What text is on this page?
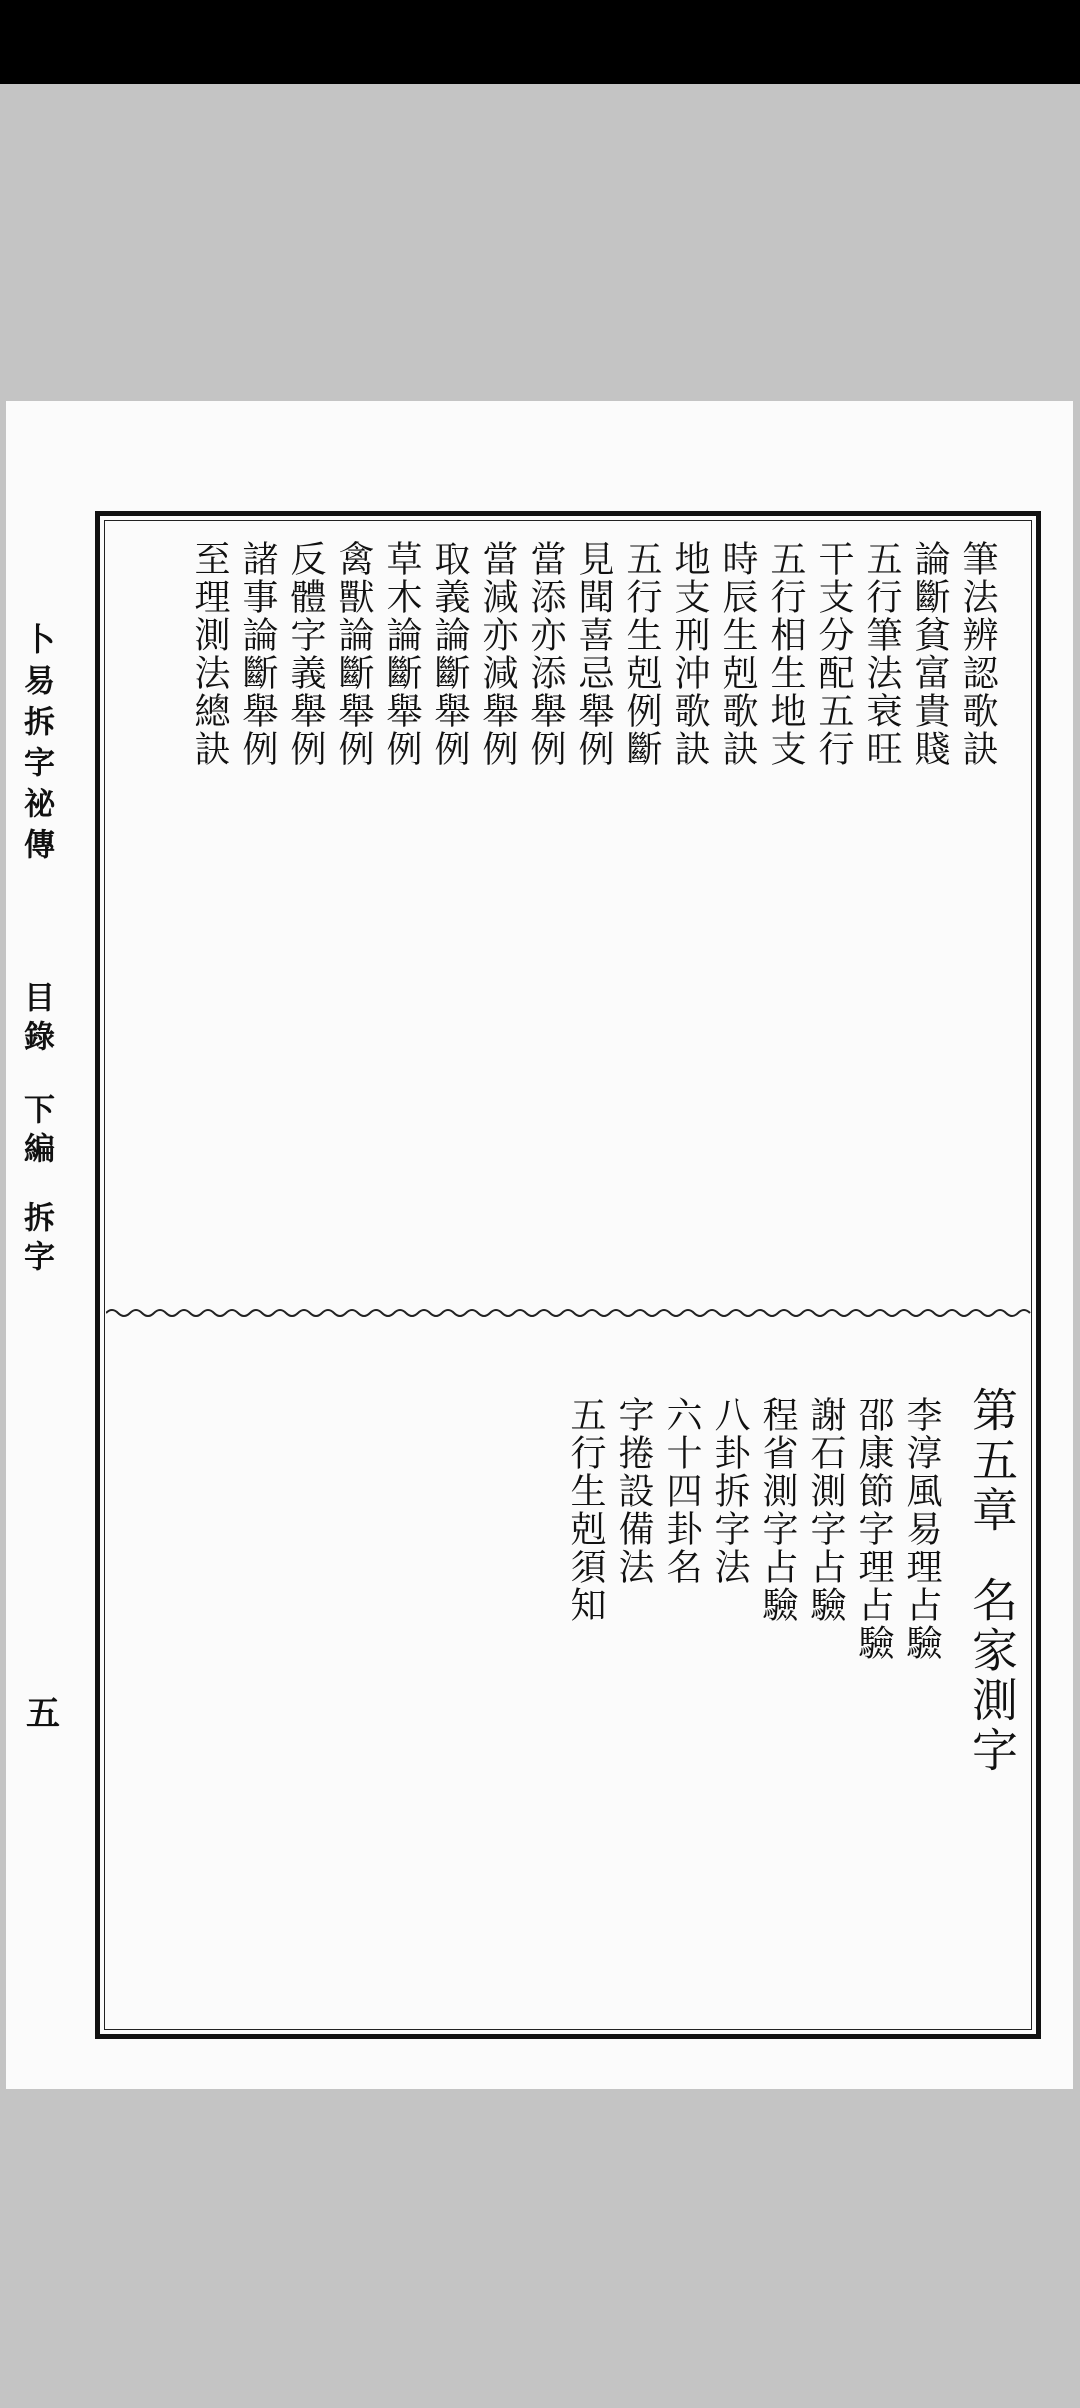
卜易拆字祕傳
目錄
下編
拆字
五
筆法辨認歌訣
論斷貧富貴賤
五行筆法衰旺
干支分配五行
五行相生地支
時辰生剋歌訣
地支刑沖歌訣
五行生剋例斷
見聞喜忌舉例
當添亦添舉例
當減亦減舉例
取義論斷舉例
草木論斷舉例
禽獸論斷舉例
反體字義舉例
諸事論斷舉例
至理測法總訣
第五章
名家測字
李淳風易理占驗
邵康節字理占驗
謝石測字占驗
程省測字占驗
八卦拆字法
六十四卦名
字捲設備法
五行生剋須知
